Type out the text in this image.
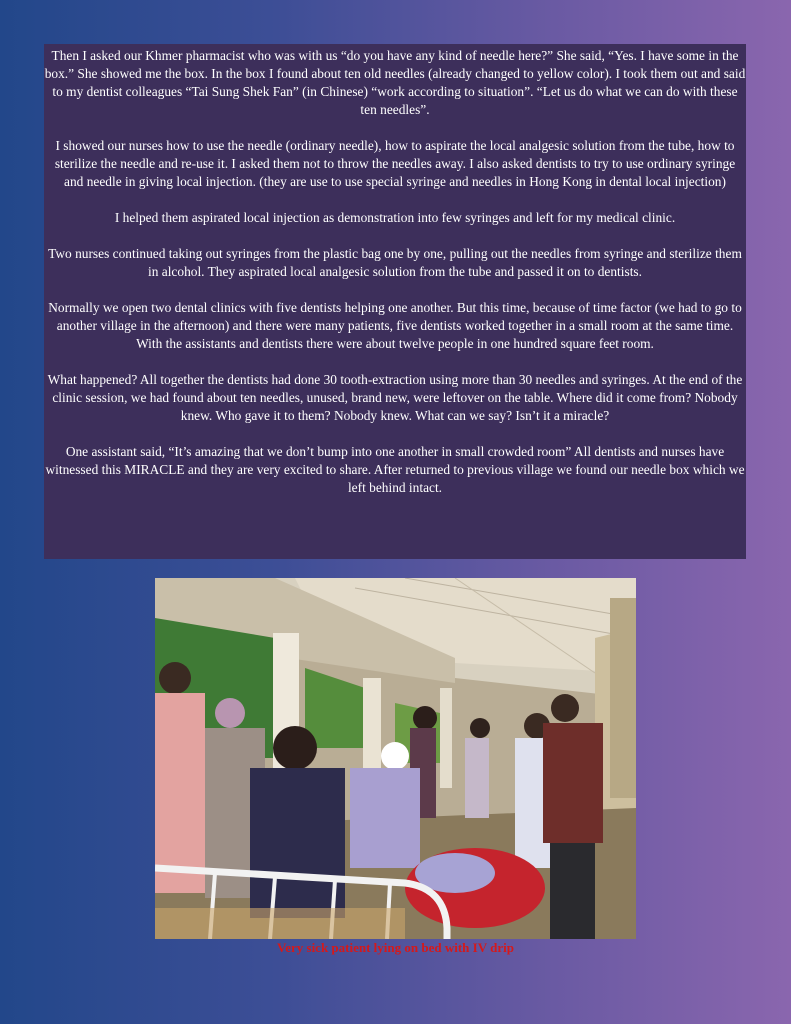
Then I asked our Khmer pharmacist who was with us “do you have any kind of needle here?” She said, “Yes. I have some in the box.” She showed me the box. In the box I found about ten old needles (already changed to yellow color). I took them out and said to my dentist colleagues “Tai Sung Shek Fan” (in Chinese) “work according to situation”. “Let us do what we can do with these ten needles”.

I showed our nurses how to use the needle (ordinary needle), how to aspirate the local analgesic solution from the tube, how to sterilize the needle and re-use it. I asked them not to throw the needles away. I also asked dentists to try to use ordinary syringe and needle in giving local injection. (they are use to use special syringe and needles in Hong Kong in dental local injection)

I helped them aspirated local injection as demonstration into few syringes and left for my medical clinic.

Two nurses continued taking out syringes from the plastic bag one by one, pulling out the needles from syringe and sterilize them in alcohol. They aspirated local analgesic solution from the tube and passed it on to dentists.

Normally we open two dental clinics with five dentists helping one another. But this time, because of time factor (we had to go to another village in the afternoon) and there were many patients, five dentists worked together in a small room at the same time. With the assistants and dentists there were about twelve people in one hundred square feet room.

What happened? All together the dentists had done 30 tooth-extraction using more than 30 needles and syringes. At the end of the clinic session, we had found about ten needles, unused, brand new, were leftover on the table. Where did it come from? Nobody knew. Who gave it to them? Nobody knew. What can we say? Isn’t it a miracle?

One assistant said, “It’s amazing that we don’t bump into one another in small crowded room” All dentists and nurses have witnessed this MIRACLE and they are very excited to share. After returned to previous village we found our needle box which we left behind intact.

Very sick patient lying on bed with IV drip
